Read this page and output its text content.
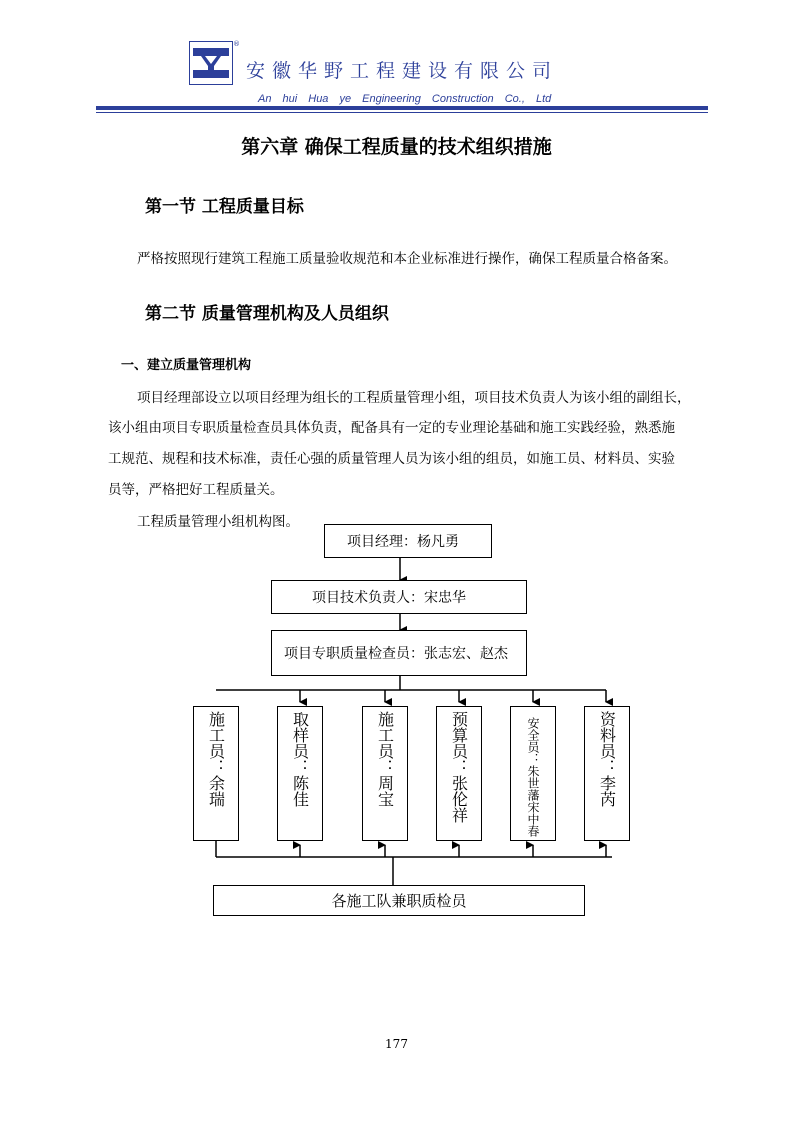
®
安徽华野工程建设有限公司
An hui Hua ye Engineering Construction Co., Ltd
第六章 确保工程质量的技术组织措施
第一节 工程质量目标
严格按照现行建筑工程施工质量验收规范和本企业标准进行操作，确保工程质量合格备案。
第二节 质量管理机构及人员组织
一、建立质量管理机构
项目经理部设立以项目经理为组长的工程质量管理小组，项目技术负责人为该小组的副组长，
该小组由项目专职质量检查员具体负责，配备具有一定的专业理论基础和施工实践经验，熟悉施
工规范、规程和技术标准，责任心强的质量管理人员为该小组的组员，如施工员、材料员、实验
员等，严格把好工程质量关。
工程质量管理小组机构图。
项目经理：杨凡勇
项目技术负责人：宋忠华
项目专职质量检查员：张志宏、赵杰
施工员：余瑞	取样员：陈佳	施工员：周宝	预算员：张伦祥	安全员：朱世藩宋中春	资料员：李芮
各施工队兼职质检员
177
